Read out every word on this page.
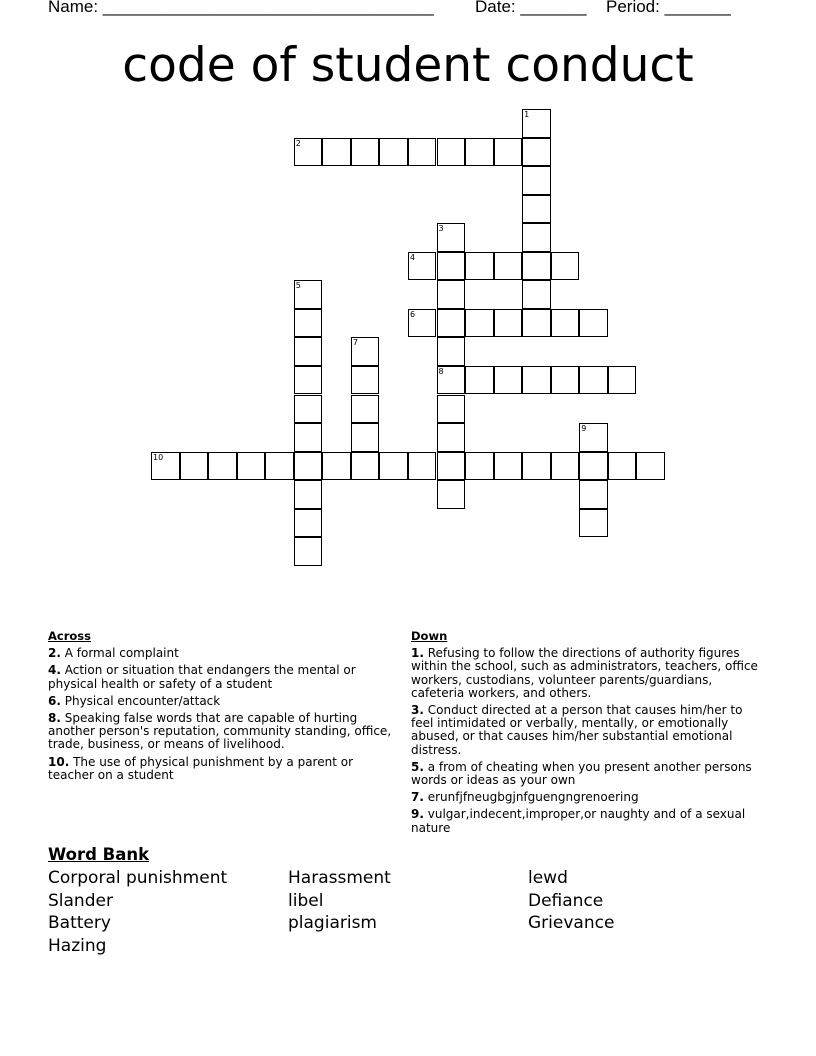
Name: ___________________________________ Date: _______ Period: _______
code of student conduct
1
2
3
4
5
6
7
8
9
10
Across
2. A formal complaint
4. Action or situation that endangers the mental or physical health or safety of a student
6. Physical encounter/attack
8. Speaking false words that are capable of hurting another person's reputation, community standing, office, trade, business, or means of livelihood.
10. The use of physical punishment by a parent or teacher on a student
Down
1. Refusing to follow the directions of authority figures within the school, such as administrators, teachers, office workers, custodians, volunteer parents/guardians, cafeteria workers, and others.
3. Conduct directed at a person that causes him/her to feel intimidated or verbally, mentally, or emotionally abused, or that causes him/her substantial emotional distress.
5. a from of cheating when you present another persons words or ideas as your own
7. erunfjfneugbgjnfguengngrenoering
9. vulgar,indecent,improper,or naughty and of a sexual nature
Word Bank
Corporal punishment
Slander
Battery
Hazing
Harassment
libel
plagiarism
lewd
Defiance
Grievance
